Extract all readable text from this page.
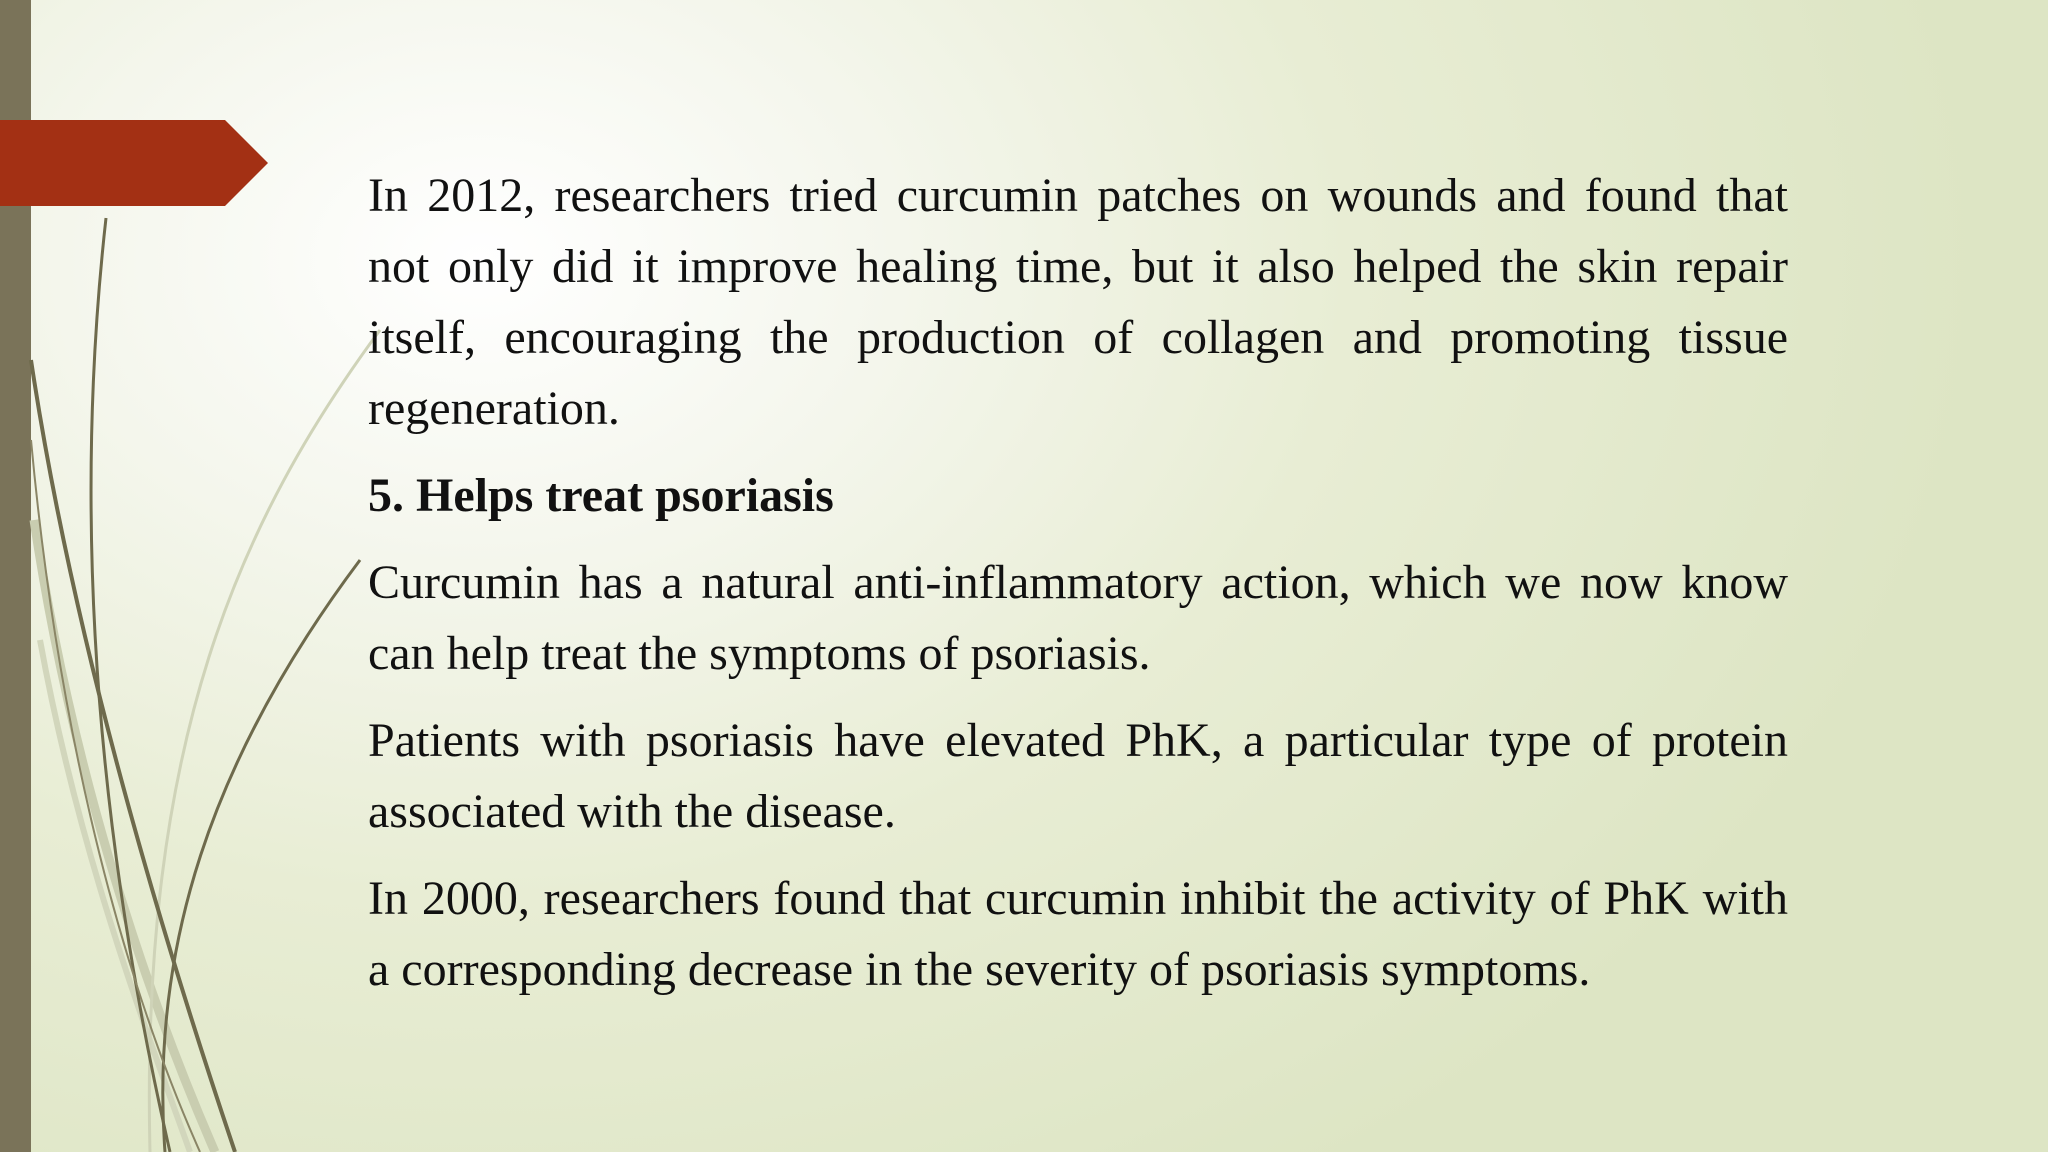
In 2012, researchers tried curcumin patches on wounds and found that not only did it improve healing time, but it also helped the skin repair itself, encouraging the production of collagen and promoting tissue regeneration.

5. Helps treat psoriasis

Curcumin has a natural anti-inflammatory action, which we now know can help treat the symptoms of psoriasis.

Patients with psoriasis have elevated PhK, a particular type of protein associated with the disease.

In 2000, researchers found that curcumin inhibit the activity of PhK with a corresponding decrease in the severity of psoriasis symptoms.
